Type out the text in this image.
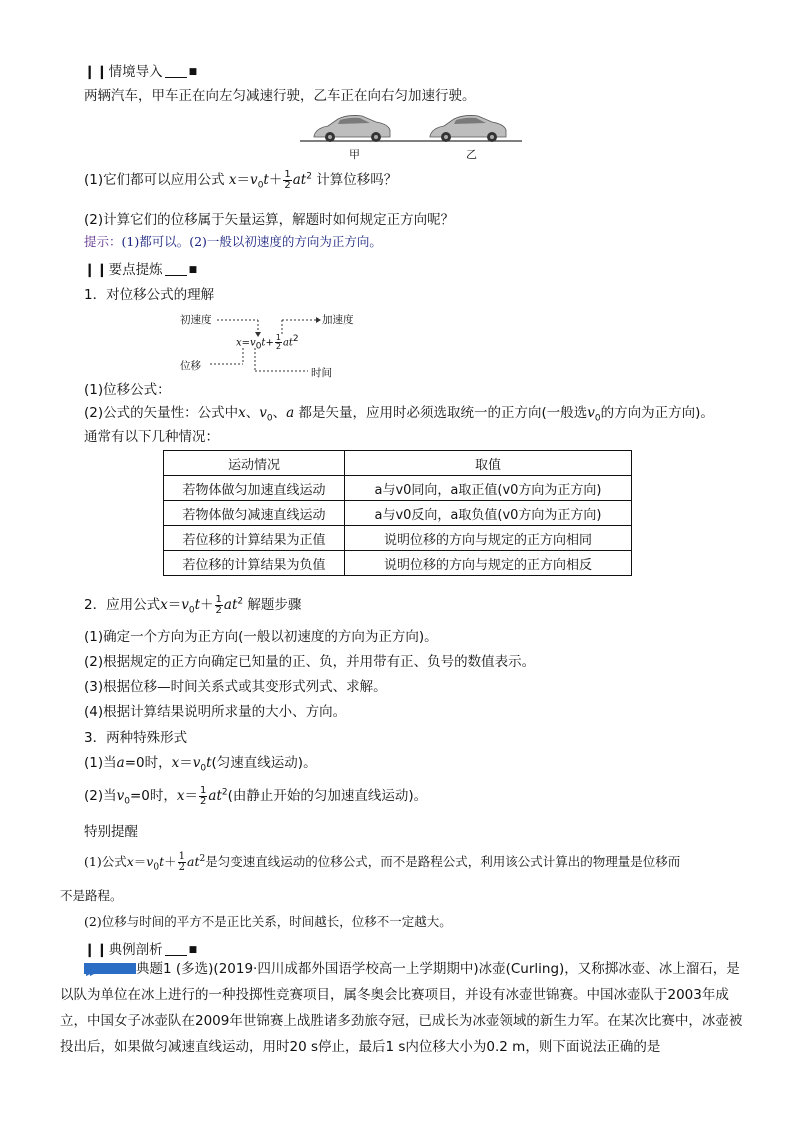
❙❙情境导入	■
两辆汽车，甲车正在向左匀减速行驶，乙车正在向右匀加速行驶。
甲	乙
(1)它们都可以应用公式 $x=v_0t+ \frac{1}{2} at^2$ 计算位移吗？
(2)计算它们的位移属于矢量运算，解题时如何规定正方向呢？
提示：(1)都可以。(2)一般以初速度的方向为正方向。
❙❙要点提炼	■
1．对位移公式的理解
初速度	加速度
$x=v_0t+ \frac{1}{2} at^2$
位移
时间
(1)位移公式：
(2)公式的矢量性：公式中x、$v_0$、a 都是矢量，应用时必须选取统一的正方向(一般选$v_0$的方向为正方向)。
通常有以下几种情况：
运动情况	取值
若物体做匀加速直线运动	a与v0同向，a取正值(v0方向为正方向)
若物体做匀减速直线运动	a与v0反向，a取负值(v0方向为正方向)
若位移的计算结果为正值	说明位移的方向与规定的正方向相同
若位移的计算结果为负值	说明位移的方向与规定的正方向相反
2．应用公式$x=v_0t+ \frac{1}{2} at^2$ 解题步骤
(1)确定一个方向为正方向(一般以初速度的方向为正方向)。
(2)根据规定的正方向确定已知量的正、负，并用带有正、负号的数值表示。
(3)根据位移—时间关系式或其变形式列式、求解。
(4)根据计算结果说明所求量的大小、方向。
3．两种特殊形式
(1)当a=0时，$x=v_0t$(匀速直线运动)。
(2)当$v_0=0$时，$x= \frac{1}{2} at^2$(由静止开始的匀加速直线运动)。
特别提醒
(1)公式$x=v_0t+ \frac{1}{2} at^2$是匀变速直线运动的位移公式，而不是路程公式，利用该公式计算出的物理量是位移而
不是路程。
(2)位移与时间的平方不是正比关系，时间越长，位移不一定越大。
❙❙典例剖析	■
▶▶典题1 (多选)(2019·四川成都外国语学校高一上学期期中)冰壶(Curling)，又称掷冰壶、冰上溜石，是以队为单位在冰上进行的一种投掷性竞赛项目，属冬奥会比赛项目，并设有冰壶世锦赛。中国冰壶队于2003年成立，中国女子冰壶队在2009年世锦赛上战胜诸多劲旅夺冠，已成长为冰壶领域的新生力军。在某次比赛中，冰壶被投出后，如果做匀减速直线运动，用时20 s停止，最后1 s内位移大小为0.2 m，则下面说法正确的是
